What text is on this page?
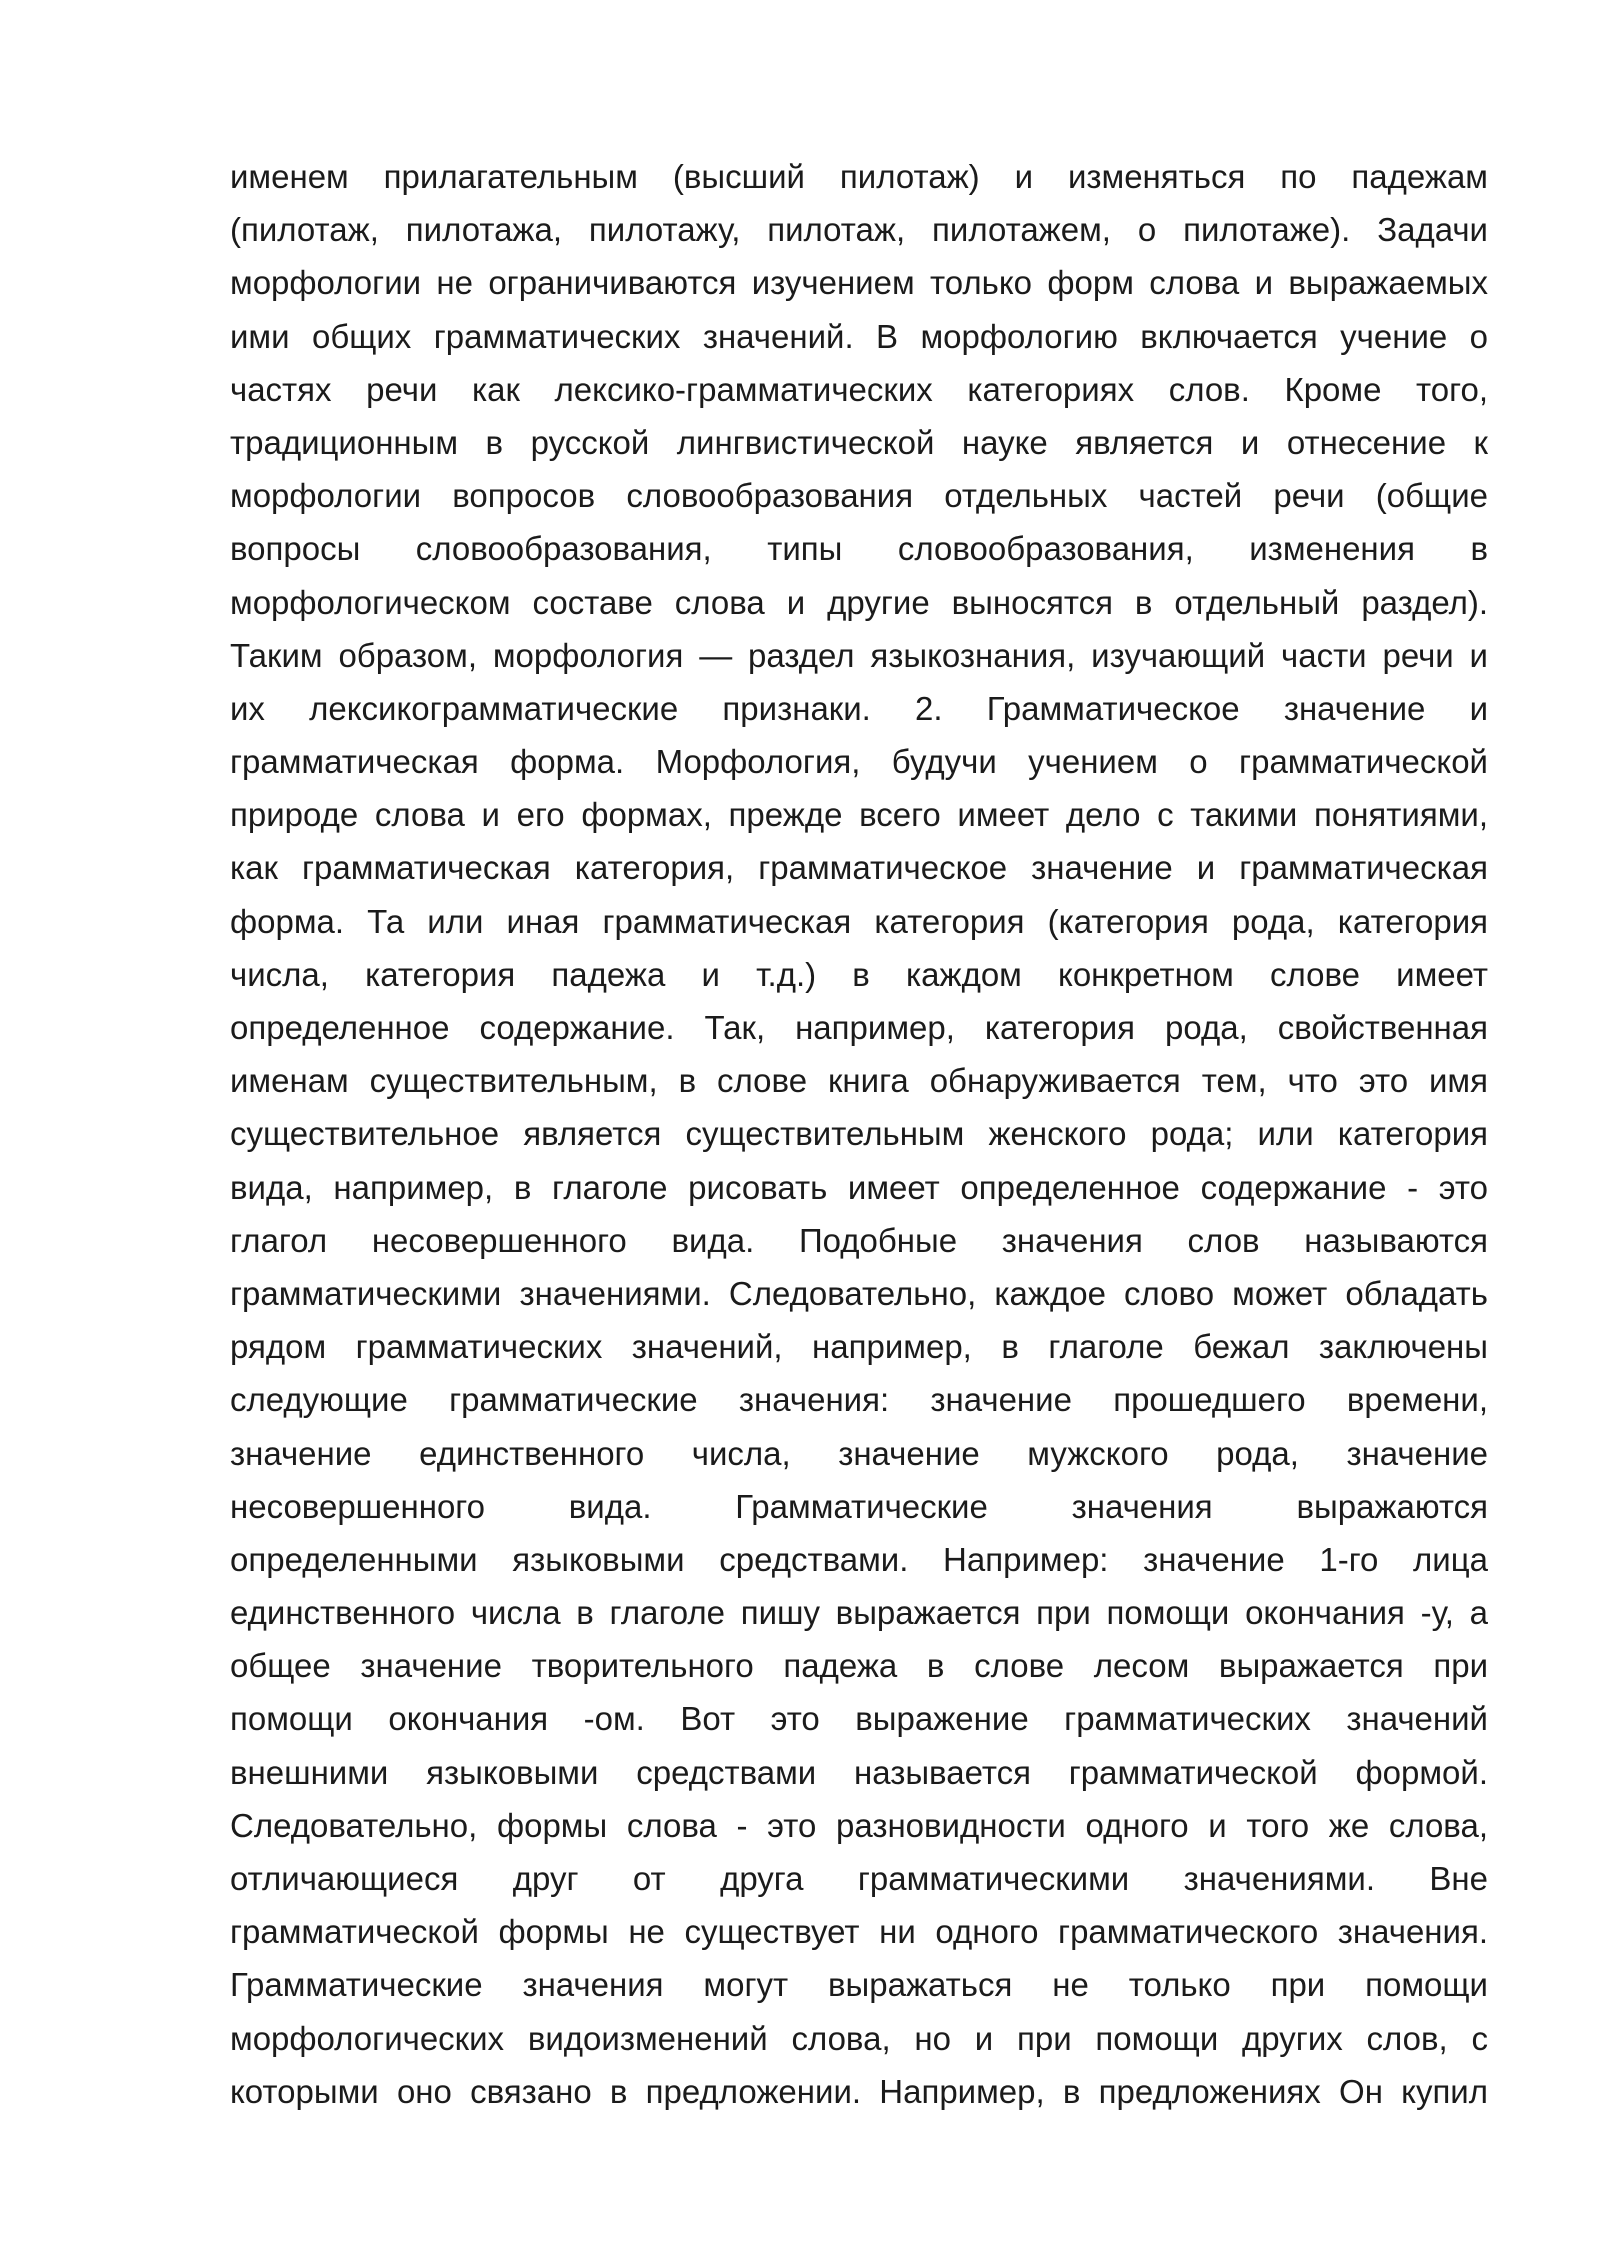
именем прилагательным (высший пилотаж) и изменяться по падежам
(пилотаж, пилотажа, пилотажу, пилотаж, пилотажем, о пилотаже). Задачи
морфологии не ограничиваются изучением только форм слова и выражаемых
ими общих грамматических значений. В морфологию включается учение о
частях речи как лексико-грамматических категориях слов. Кроме того,
традиционным в русской лингвистической науке является и отнесение к
морфологии вопросов словообразования отдельных частей речи (общие
вопросы словообразования, типы словообразования, изменения в
морфологическом составе слова и другие выносятся в отдельный раздел).
Таким образом, морфология — раздел языкознания, изучающий части речи и
их лексикограмматические признаки. 2. Грамматическое значение и
грамматическая форма. Морфология, будучи учением о грамматической
природе слова и его формах, прежде всего имеет дело с такими понятиями,
как грамматическая категория, грамматическое значение и грамматическая
форма. Та или иная грамматическая категория (категория рода, категория
числа, категория падежа и т.д.) в каждом конкретном слове имеет
определенное содержание. Так, например, категория рода, свойственная
именам существительным, в слове книга обнаруживается тем, что это имя
существительное является существительным женского рода; или категория
вида, например, в глаголе рисовать имеет определенное содержание - это
глагол несовершенного вида. Подобные значения слов называются
грамматическими значениями. Следовательно, каждое слово может обладать
рядом грамматических значений, например, в глаголе бежал заключены
следующие грамматические значения: значение прошедшего времени,
значение единственного числа, значение мужского рода, значение
несовершенного вида. Грамматические значения выражаются
определенными языковыми средствами. Например: значение 1-го лица
единственного числа в глаголе пишу выражается при помощи окончания -у, а
общее значение творительного падежа в слове лесом выражается при
помощи окончания -ом. Вот это выражение грамматических значений
внешними языковыми средствами называется грамматической формой.
Следовательно, формы слова - это разновидности одного и того же слова,
отличающиеся друг от друга грамматическими значениями. Вне
грамматической формы не существует ни одного грамматического значения.
Грамматические значения могут выражаться не только при помощи
морфологических видоизменений слова, но и при помощи других слов, с
которыми оно связано в предложении. Например, в предложениях Он купил
